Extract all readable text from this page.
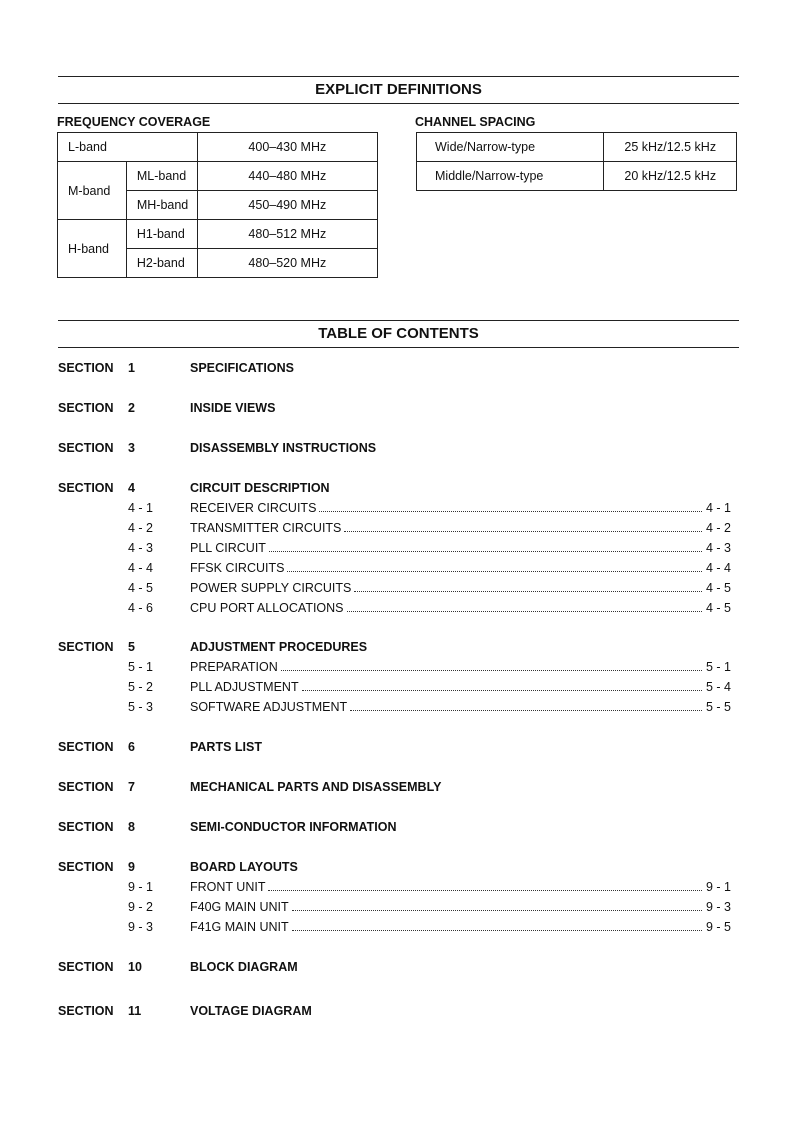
EXPLICIT DEFINITIONS
FREQUENCY COVERAGE	CHANNEL SPACING
L-band		400–430 MHz
M-band	ML-band	440–480 MHz
	MH-band	450–490 MHz
H-band	H1-band	480–512 MHz
	H2-band	480–520 MHz
Wide/Narrow-type	25 kHz/12.5 kHz
Middle/Narrow-type	20 kHz/12.5 kHz
TABLE OF CONTENTS
SECTION 1	SPECIFICATIONS
SECTION 2	INSIDE VIEWS
SECTION 3	DISASSEMBLY INSTRUCTIONS
SECTION 4	CIRCUIT DESCRIPTION
4 - 1	RECEIVER CIRCUITS	4 - 1
4 - 2	TRANSMITTER CIRCUITS	4 - 2
4 - 3	PLL CIRCUIT	4 - 3
4 - 4	FFSK CIRCUITS	4 - 4
4 - 5	POWER SUPPLY CIRCUITS	4 - 5
4 - 6	CPU PORT ALLOCATIONS	4 - 5
SECTION 5	ADJUSTMENT PROCEDURES
5 - 1	PREPARATION	5 - 1
5 - 2	PLL ADJUSTMENT	5 - 4
5 - 3	SOFTWARE ADJUSTMENT	5 - 5
SECTION 6	PARTS LIST
SECTION 7	MECHANICAL PARTS AND DISASSEMBLY
SECTION 8	SEMI-CONDUCTOR INFORMATION
SECTION 9	BOARD LAYOUTS
9 - 1	FRONT UNIT	9 - 1
9 - 2	F40G MAIN UNIT	9 - 3
9 - 3	F41G MAIN UNIT	9 - 5
SECTION 10	BLOCK DIAGRAM
SECTION 11	VOLTAGE DIAGRAM
